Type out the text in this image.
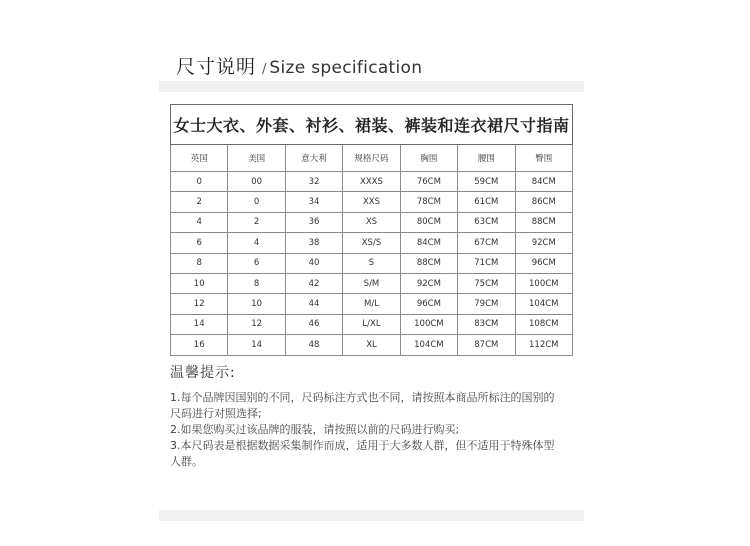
尺寸说明 / Size specification
女士大衣、外套、衬衫、裙装、裤装和连衣裙尺寸指南						
英国	美国	意大利	规格尺码	胸围	腰围	臀围
0	00	32	XXXS	76CM	59CM	84CM
2	0	34	XXS	78CM	61CM	86CM
4	2	36	XS	80CM	63CM	88CM
6	4	38	XS/S	84CM	67CM	92CM
8	6	40	S	88CM	71CM	96CM
10	8	42	S/M	92CM	75CM	100CM
12	10	44	M/L	96CM	79CM	104CM
14	12	46	L/XL	100CM	83CM	108CM
16	14	48	XL	104CM	87CM	112CM
温馨提示:
1.每个品牌因国别的不同，尺码标注方式也不同，请按照本商品所标注的国别的
尺码进行对照选择;
2.如果您购买过该品牌的服装，请按照以前的尺码进行购买;
3.本尺码表是根据数据采集制作而成，适用于大多数人群，但不适用于特殊体型
人群。
